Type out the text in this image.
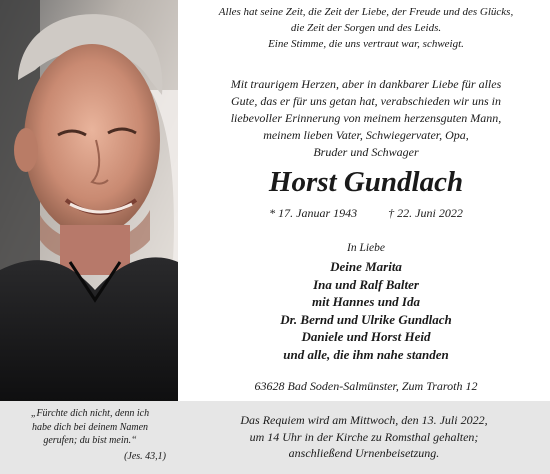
„Fürchte dich nicht, denn ich
habe dich bei deinem Namen
gerufen; du bist mein.“
(Jes. 43,1)
Alles hat seine Zeit, die Zeit der Liebe, der Freude und des Glücks,
die Zeit der Sorgen und des Leids.
Eine Stimme, die uns vertraut war, schweigt.
Mit traurigem Herzen, aber in dankbarer Liebe für alles
Gute, das er für uns getan hat, verabschieden wir uns in
liebevoller Erinnerung von meinem herzensguten Mann,
meinem lieben Vater, Schwiegervater, Opa,
Bruder und Schwager
Horst Gundlach
* 17. Januar 1943	† 22. Juni 2022
In Liebe
Deine Marita
Ina und Ralf Balter
mit Hannes und Ida
Dr. Bernd und Ulrike Gundlach
Daniele und Horst Heid
und alle, die ihm nahe standen
63628 Bad Soden-Salmünster, Zum Traroth 12
Das Requiem wird am Mittwoch, den 13. Juli 2022,
um 14 Uhr in der Kirche zu Romsthal gehalten;
anschließend Urnenbeisetzung.
